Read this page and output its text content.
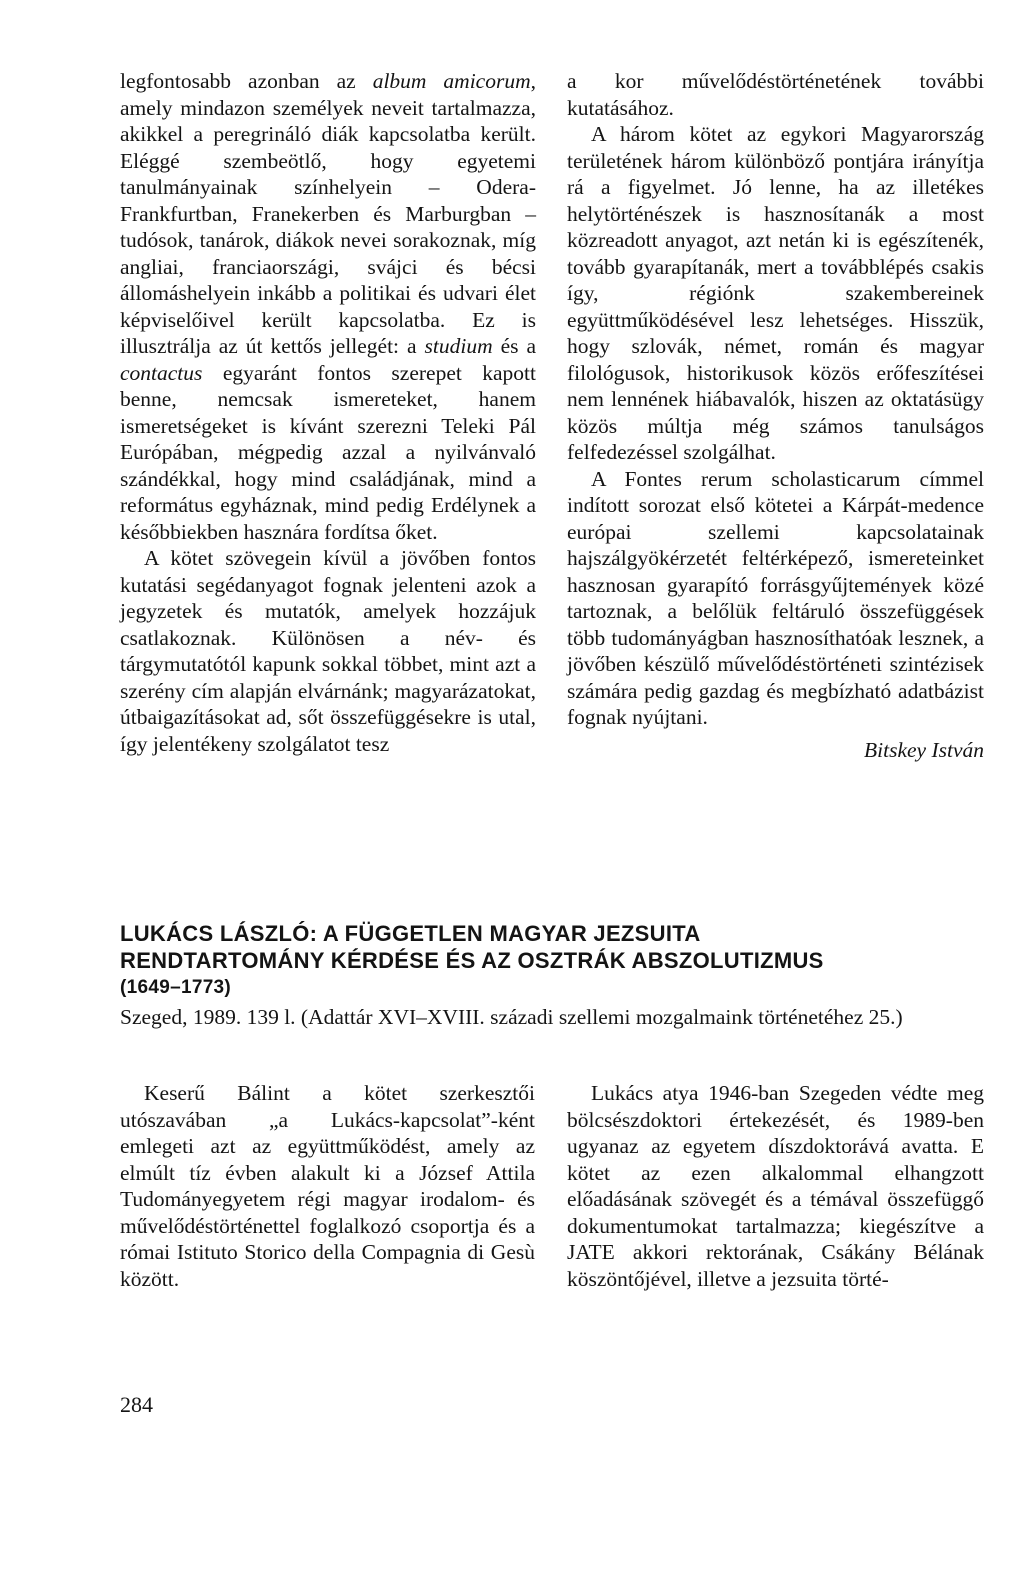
legfontosabb azonban az album amicorum, amely mindazon személyek neveit tartalmazza, akikkel a peregrináló diák kapcsolatba került. Eléggé szembeötlő, hogy egyetemi tanulmányainak színhelyein – Odera-Frankfurtban, Franekerben és Marburgban – tudósok, tanárok, diákok nevei sorakoznak, míg angliai, franciaországi, svájci és bécsi állomáshelyein inkább a politikai és udvari élet képviselőivel került kapcsolatba. Ez is illusztrálja az út kettős jellegét: a studium és a contactus egyaránt fontos szerepet kapott benne, nemcsak ismereteket, hanem ismeretségeket is kívánt szerezni Teleki Pál Európában, mégpedig azzal a nyilvánvaló szándékkal, hogy mind családjának, mind a református egyháznak, mind pedig Erdélynek a későbbiekben hasznára fordítsa őket.

A kötet szövegein kívül a jövőben fontos kutatási segédanyagot fognak jelenteni azok a jegyzetek és mutatók, amelyek hozzájuk csatlakoznak. Különösen a név- és tárgymutatótól kapunk sokkal többet, mint azt a szerény cím alapján elvárnánk; magyarázatokat, útbaigazításokat ad, sőt összefüggésekre is utal, így jelentékeny szolgálatot tesz

a kor művelődéstörténetének további kutatásához.

A három kötet az egykori Magyarország területének három különböző pontjára irányítja rá a figyelmet. Jó lenne, ha az illetékes helytörténészek is hasznosítanák a most közreadott anyagot, azt netán ki is egészítenék, tovább gyarapítanák, mert a továbblépés csakis így, régiónk szakembereinek együttműködésével lesz lehetséges. Hisszük, hogy szlovák, német, román és magyar filológusok, historikusok közös erőfeszítései nem lennének hiábavalók, hiszen az oktatásügy közös múltja még számos tanulságos felfedezéssel szolgálhat.

A Fontes rerum scholasticarum címmel indított sorozat első kötetei a Kárpát-medence európai szellemi kapcsolatainak hajszálgyökérzetét feltérképező, ismereteinket hasznosan gyarapító forrásgyűjtemények közé tartoznak, a belőlük feltáruló összefüggések több tudományágban hasznosíthatóak lesznek, a jövőben készülő művelődéstörténeti szintézisek számára pedig gazdag és megbízható adatbázist fognak nyújtani.

Bitskey István

LUKÁCS LÁSZLÓ: A FÜGGETLEN MAGYAR JEZSUITA
RENDTARTOMÁNY KÉRDÉSE ÉS AZ OSZTRÁK ABSZOLUTIZMUS
(1649–1773)
Szeged, 1989. 139 l. (Adattár XVI–XVIII. századi szellemi mozgalmaink történetéhez 25.)

Keserű Bálint a kötet szerkesztői utószavában „a Lukács-kapcsolat”-ként emlegeti azt az együttműködést, amely az elmúlt tíz évben alakult ki a József Attila Tudományegyetem régi magyar irodalom- és művelődéstörténettel foglalkozó csoportja és a római Istituto Storico della Compagnia di Gesù között.

Lukács atya 1946-ban Szegeden védte meg bölcsészdoktori értekezését, és 1989-ben ugyanaz az egyetem díszdoktorává avatta. E kötet az ezen alkalommal elhangzott előadásának szövegét és a témával összefüggő dokumentumokat tartalmazza; kiegészítve a JATE akkori rektorának, Csákány Bélának köszöntőjével, illetve a jezsuita törté-

284
